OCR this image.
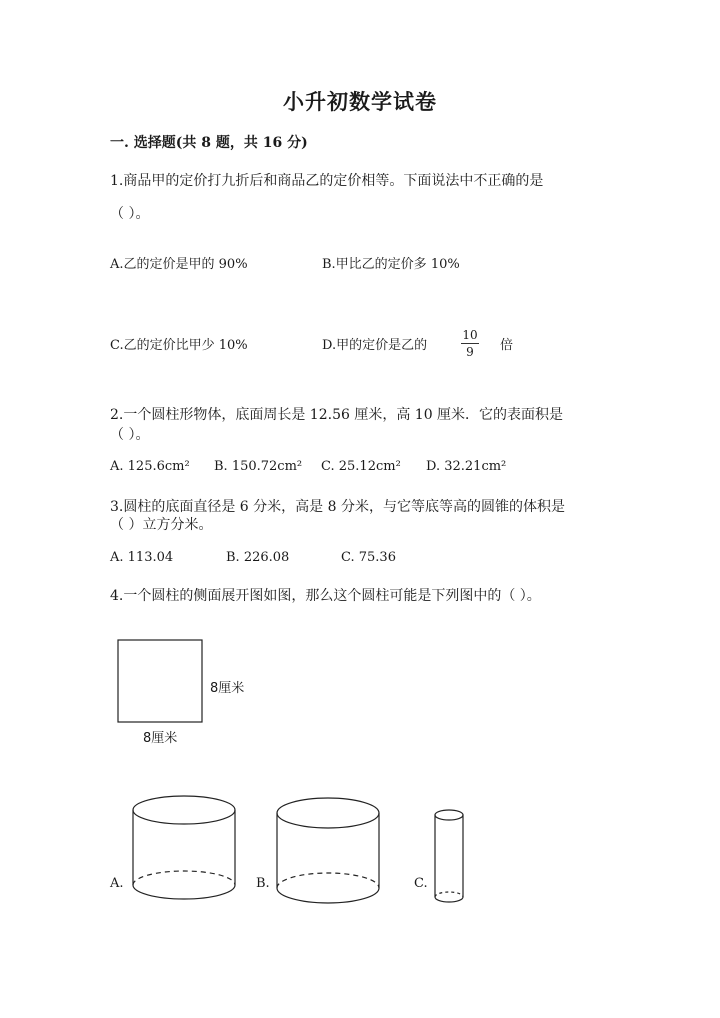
小升初数学试卷
一. 选择题(共 8 题，共 16 分)
1.商品甲的定价打九折后和商品乙的定价相等。下面说法中不正确的是
（ ）。
A.乙的定价是甲的 90%	B.甲比乙的定价多 10%
C.乙的定价比甲少 10%	D.甲的定价是乙的
10
9	倍
2.一个圆柱形物体，底面周长是 12.56 厘米，高 10 厘米．它的表面积是
（ ）。
A. 125.6cm² B. 150.72cm² C. 25.12cm² D. 32.21cm²
3.圆柱的底面直径是 6 分米，高是 8 分米，与它等底等高的圆锥的体积是
（ ）立方分米。
A. 113.04	B. 226.08	C. 75.36
4.一个圆柱的侧面展开图如图，那么这个圆柱可能是下列图中的（ ）。
8厘米
8厘米
A.	B.	C.
